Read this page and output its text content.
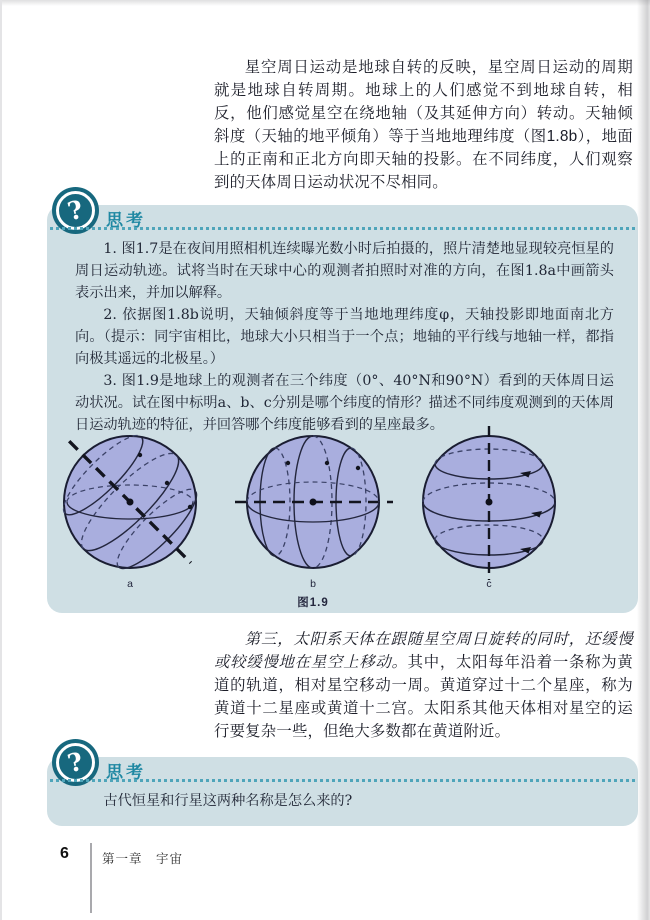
星空周日运动是地球自转的反映，星空周日运动的周期就是地球自转周期。地球上的人们感觉不到地球自转，相反，他们感觉星空在绕地轴（及其延伸方向）转动。天轴倾斜度（天轴的地平倾角）等于当地地理纬度（图1.8b），地面上的正南和正北方向即天轴的投影。在不同纬度，人们观察到的天体周日运动状况不尽相同。

? 思考

1. 图1.7是在夜间用照相机连续曝光数小时后拍摄的，照片清楚地显现较亮恒星的周日运动轨迹。试将当时在天球中心的观测者拍照时对准的方向，在图1.8a中画箭头表示出来，并加以解释。

2. 依据图1.8b说明，天轴倾斜度等于当地地理纬度φ，天轴投影即地面南北方向。（提示：同宇宙相比，地球大小只相当于一个点；地轴的平行线与地轴一样，都指向极其遥远的北极星。）

3. 图1.9是地球上的观测者在三个纬度（0°、40°N和90°N）看到的天体周日运动状况。试在图中标明a、b、c分别是哪个纬度的情形？描述不同纬度观测到的天体周日运动轨迹的特征，并回答哪个纬度能够看到的星座最多。

a	b	c
图1.9

第三，太阳系天体在跟随星空周日旋转的同时，还缓慢或较缓慢地在星空上移动。其中，太阳每年沿着一条称为黄道的轨道，相对星空移动一周。黄道穿过十二个星座，称为黄道十二星座或黄道十二宫。太阳系其他天体相对星空的运行要复杂一些，但绝大多数都在黄道附近。

? 思考

古代恒星和行星这两种名称是怎么来的?

6	第一章　宇宙
